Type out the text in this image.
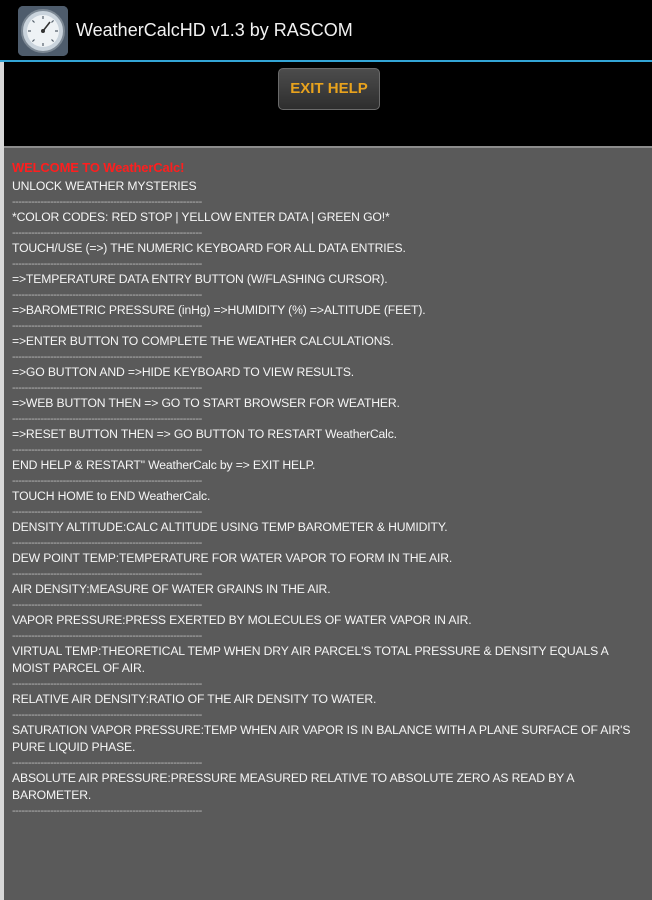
WeatherCalcHD v1.3 by RASCOM
EXIT HELP
WELCOME TO WeatherCalc!
UNLOCK WEATHER MYSTERIES
------------------------------------------------------------
*COLOR CODES: RED STOP | YELLOW ENTER DATA | GREEN GO!*
------------------------------------------------------------
TOUCH/USE (=>) THE NUMERIC KEYBOARD FOR ALL DATA ENTRIES.
------------------------------------------------------------
=>TEMPERATURE DATA ENTRY BUTTON (W/FLASHING CURSOR).
------------------------------------------------------------
=>BAROMETRIC PRESSURE (inHg) =>HUMIDITY (%) =>ALTITUDE (FEET).
------------------------------------------------------------
=>ENTER BUTTON TO COMPLETE THE WEATHER CALCULATIONS.
------------------------------------------------------------
=>GO BUTTON AND =>HIDE KEYBOARD TO VIEW RESULTS.
------------------------------------------------------------
=>WEB BUTTON THEN => GO TO START BROWSER FOR WEATHER.
------------------------------------------------------------
=>RESET BUTTON THEN => GO BUTTON TO RESTART WeatherCalc.
------------------------------------------------------------
END HELP & RESTART" WeatherCalc by => EXIT HELP.
------------------------------------------------------------
TOUCH HOME to END WeatherCalc.
------------------------------------------------------------
DENSITY ALTITUDE:CALC ALTITUDE USING TEMP BAROMETER & HUMIDITY.
------------------------------------------------------------
DEW POINT TEMP:TEMPERATURE FOR WATER VAPOR TO FORM IN THE AIR.
------------------------------------------------------------
AIR DENSITY:MEASURE OF WATER GRAINS IN THE AIR.
------------------------------------------------------------
VAPOR PRESSURE:PRESS EXERTED BY MOLECULES OF WATER VAPOR IN AIR.
------------------------------------------------------------
VIRTUAL TEMP:THEORETICAL TEMP WHEN DRY AIR PARCEL'S TOTAL PRESSURE & DENSITY EQUALS A MOIST PARCEL OF AIR.
------------------------------------------------------------
RELATIVE AIR DENSITY:RATIO OF THE AIR DENSITY TO WATER.
------------------------------------------------------------
SATURATION VAPOR PRESSURE:TEMP WHEN AIR VAPOR IS IN BALANCE WITH A PLANE SURFACE OF AIR'S PURE LIQUID PHASE.
------------------------------------------------------------
ABSOLUTE AIR PRESSURE:PRESSURE MEASURED RELATIVE TO ABSOLUTE ZERO AS READ BY A BAROMETER.
------------------------------------------------------------
